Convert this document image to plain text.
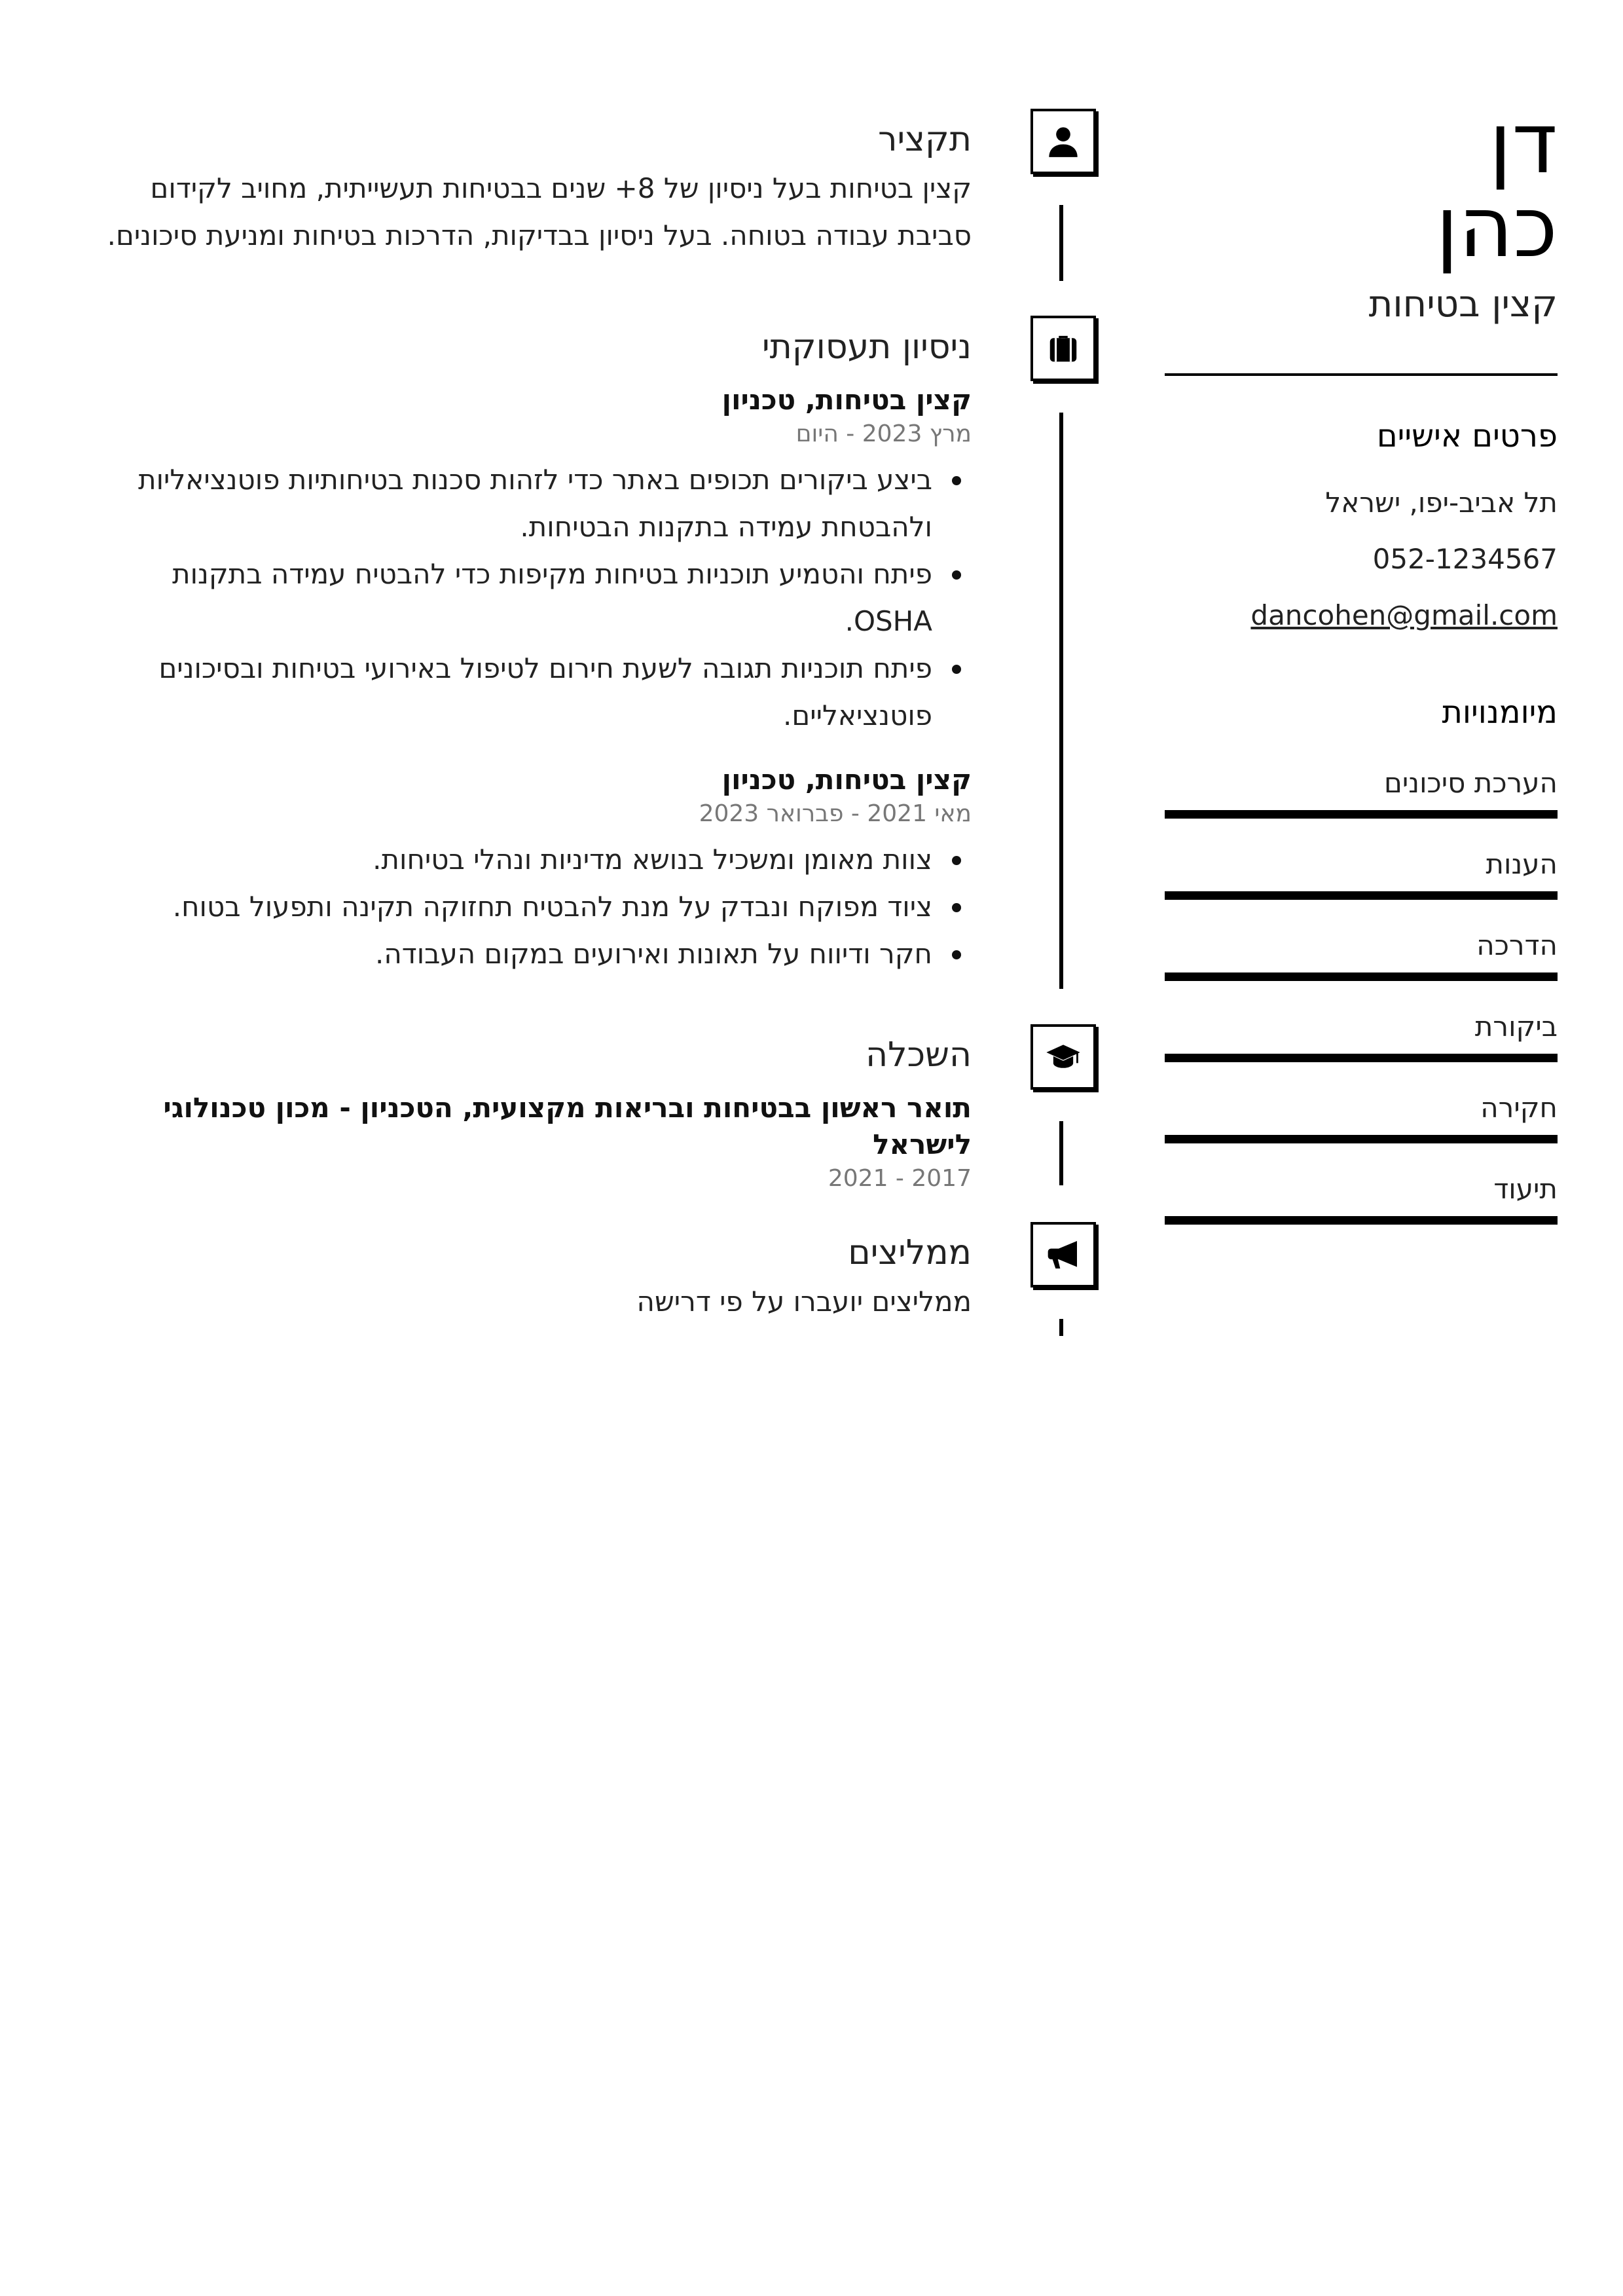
דן
כהן
קצין בטיחות
פרטים אישיים
תל אביב-יפו, ישראל
052-1234567
dancohen@gmail.com
מיומנויות
הערכת סיכונים
הענות
הדרכה
ביקורת
חקירה
תיעוד
תקציר
קצין בטיחות בעל ניסיון של 8+ שנים בבטיחות תעשייתית, מחויב לקידום סביבת עבודה בטוחה. בעל ניסיון בבדיקות, הדרכות בטיחות ומניעת סיכונים.
ניסיון תעסוקתי
קצין בטיחות, טכניון
מרץ 2023 - היום
ביצע ביקורים תכופים באתר כדי לזהות סכנות בטיחותיות פוטנציאליות ולהבטחת עמידה בתקנות הבטיחות.
פיתח והטמיע תוכניות בטיחות מקיפות כדי להבטיח עמידה בתקנות OSHA.
פיתח תוכניות תגובה לשעת חירום לטיפול באירועי בטיחות ובסיכונים פוטנציאליים.
קצין בטיחות, טכניון
מאי 2021 - פברואר 2023
צוות מאומן ומשכיל בנושא מדיניות ונהלי בטיחות.
ציוד מפוקח ונבדק על מנת להבטיח תחזוקה תקינה ותפעול בטוח.
חקר ודיווח על תאונות ואירועים במקום העבודה.
השכלה
תואר ראשון בבטיחות ובריאות מקצועית, הטכניון - מכון טכנולוגי לישראל
2017 - 2021
ממליצים
ממליצים יועברו על פי דרישה
